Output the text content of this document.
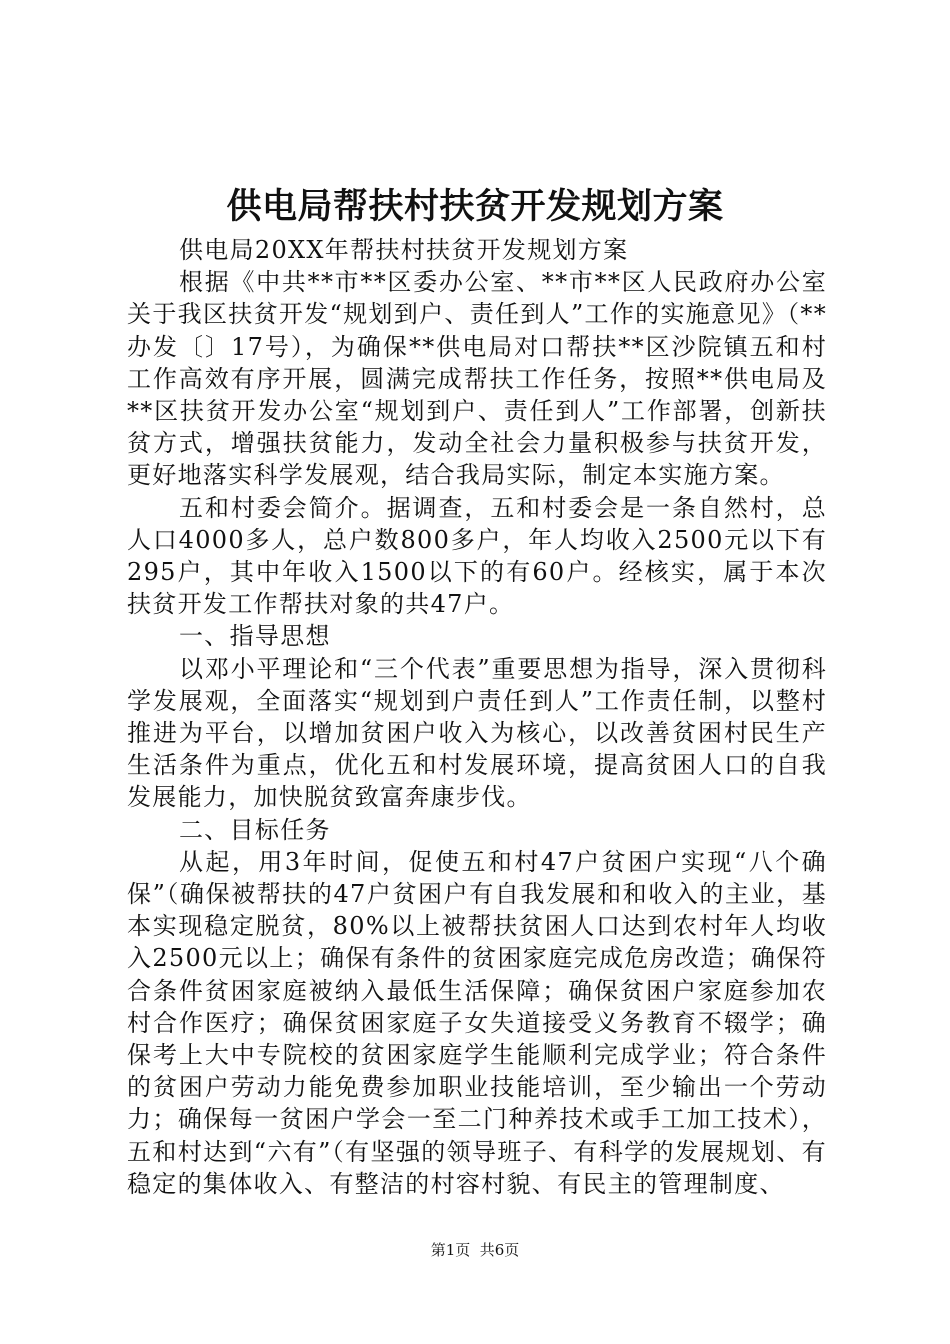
供电局帮扶村扶贫开发规划方案

供电局20XX年帮扶村扶贫开发规划方案

根据《中共**市**区委办公室、**市**区人民政府办公室关于我区扶贫开发“规划到户、责任到人”工作的实施意见》（**办发〔〕17号），为确保**供电局对口帮扶**区沙院镇五和村工作高效有序开展，圆满完成帮扶工作任务，按照**供电局及**区扶贫开发办公室“规划到户、责任到人”工作部署，创新扶贫方式，增强扶贫能力，发动全社会力量积极参与扶贫开发，更好地落实科学发展观，结合我局实际，制定本实施方案。

五和村委会简介。据调查，五和村委会是一条自然村，总人口4000多人，总户数800多户，年人均收入2500元以下有295户，其中年收入1500以下的有60户。经核实，属于本次扶贫开发工作帮扶对象的共47户。

一、指导思想

以邓小平理论和“三个代表”重要思想为指导，深入贯彻科学发展观，全面落实“规划到户责任到人”工作责任制，以整村推进为平台，以增加贫困户收入为核心，以改善贫困村民生产生活条件为重点，优化五和村发展环境，提高贫困人口的自我发展能力，加快脱贫致富奔康步伐。

二、目标任务

从起，用3年时间，促使五和村47户贫困户实现“八个确保”（确保被帮扶的47户贫困户有自我发展和和收入的主业，基本实现稳定脱贫，80%以上被帮扶贫困人口达到农村年人均收入2500元以上；确保有条件的贫困家庭完成危房改造；确保符合条件贫困家庭被纳入最低生活保障；确保贫困户家庭参加农村合作医疗；确保贫困家庭子女失道接受义务教育不辍学；确保考上大中专院校的贫困家庭学生能顺利完成学业；符合条件的贫困户劳动力能免费参加职业技能培训，至少输出一个劳动力；确保每一贫困户学会一至二门种养技术或手工加工技术），五和村达到“六有”（有坚强的领导班子、有科学的发展规划、有稳定的集体收入、有整洁的村容村貌、有民主的管理制度、

第1页  共6页
